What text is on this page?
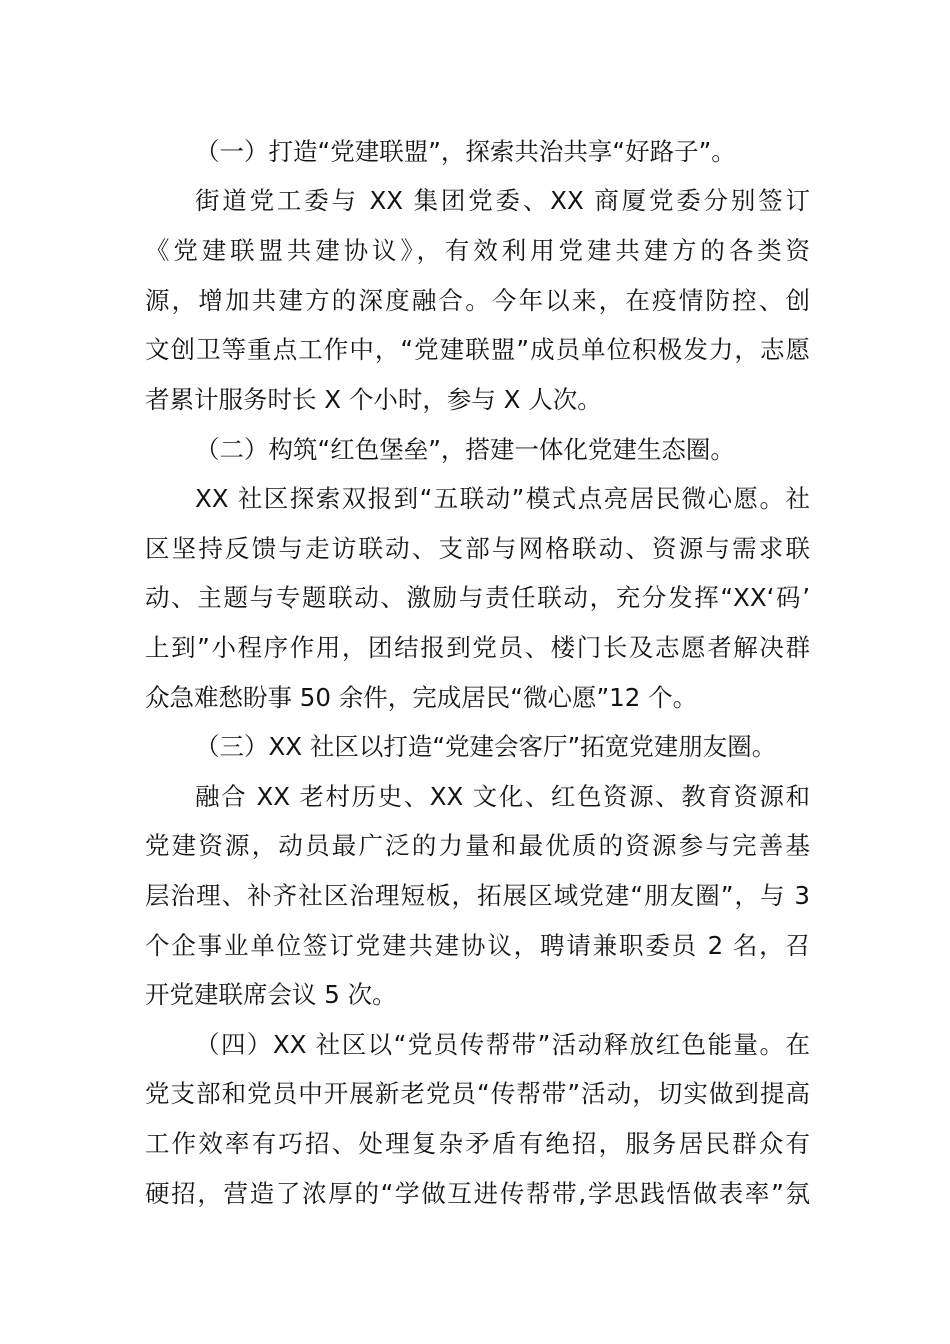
（一）打造“党建联盟”，探索共治共享“好路子”。
街道党工委与 XX 集团党委、XX 商厦党委分别签订
《党建联盟共建协议》，有效利用党建共建方的各类资
源，增加共建方的深度融合。今年以来，在疫情防控、创
文创卫等重点工作中，“党建联盟”成员单位积极发力，志愿
者累计服务时长 X 个小时，参与 X 人次。
（二）构筑“红色堡垒”，搭建一体化党建生态圈。
XX 社区探索双报到“五联动”模式点亮居民微心愿。社
区坚持反馈与走访联动、支部与网格联动、资源与需求联
动、主题与专题联动、激励与责任联动，充分发挥“XX‘码’
上到”小程序作用，团结报到党员、楼门长及志愿者解决群
众急难愁盼事 50 余件，完成居民“微心愿”12 个。
（三）XX 社区以打造“党建会客厅”拓宽党建朋友圈。
融合 XX 老村历史、XX 文化、红色资源、教育资源和
党建资源，动员最广泛的力量和最优质的资源参与完善基
层治理、补齐社区治理短板，拓展区域党建“朋友圈”，与 3
个企事业单位签订党建共建协议，聘请兼职委员 2 名，召
开党建联席会议 5 次。
（四）XX 社区以“党员传帮带”活动释放红色能量。在
党支部和党员中开展新老党员“传帮带”活动，切实做到提高
工作效率有巧招、处理复杂矛盾有绝招，服务居民群众有
硬招，营造了浓厚的“学做互进传帮带,学思践悟做表率”氛
